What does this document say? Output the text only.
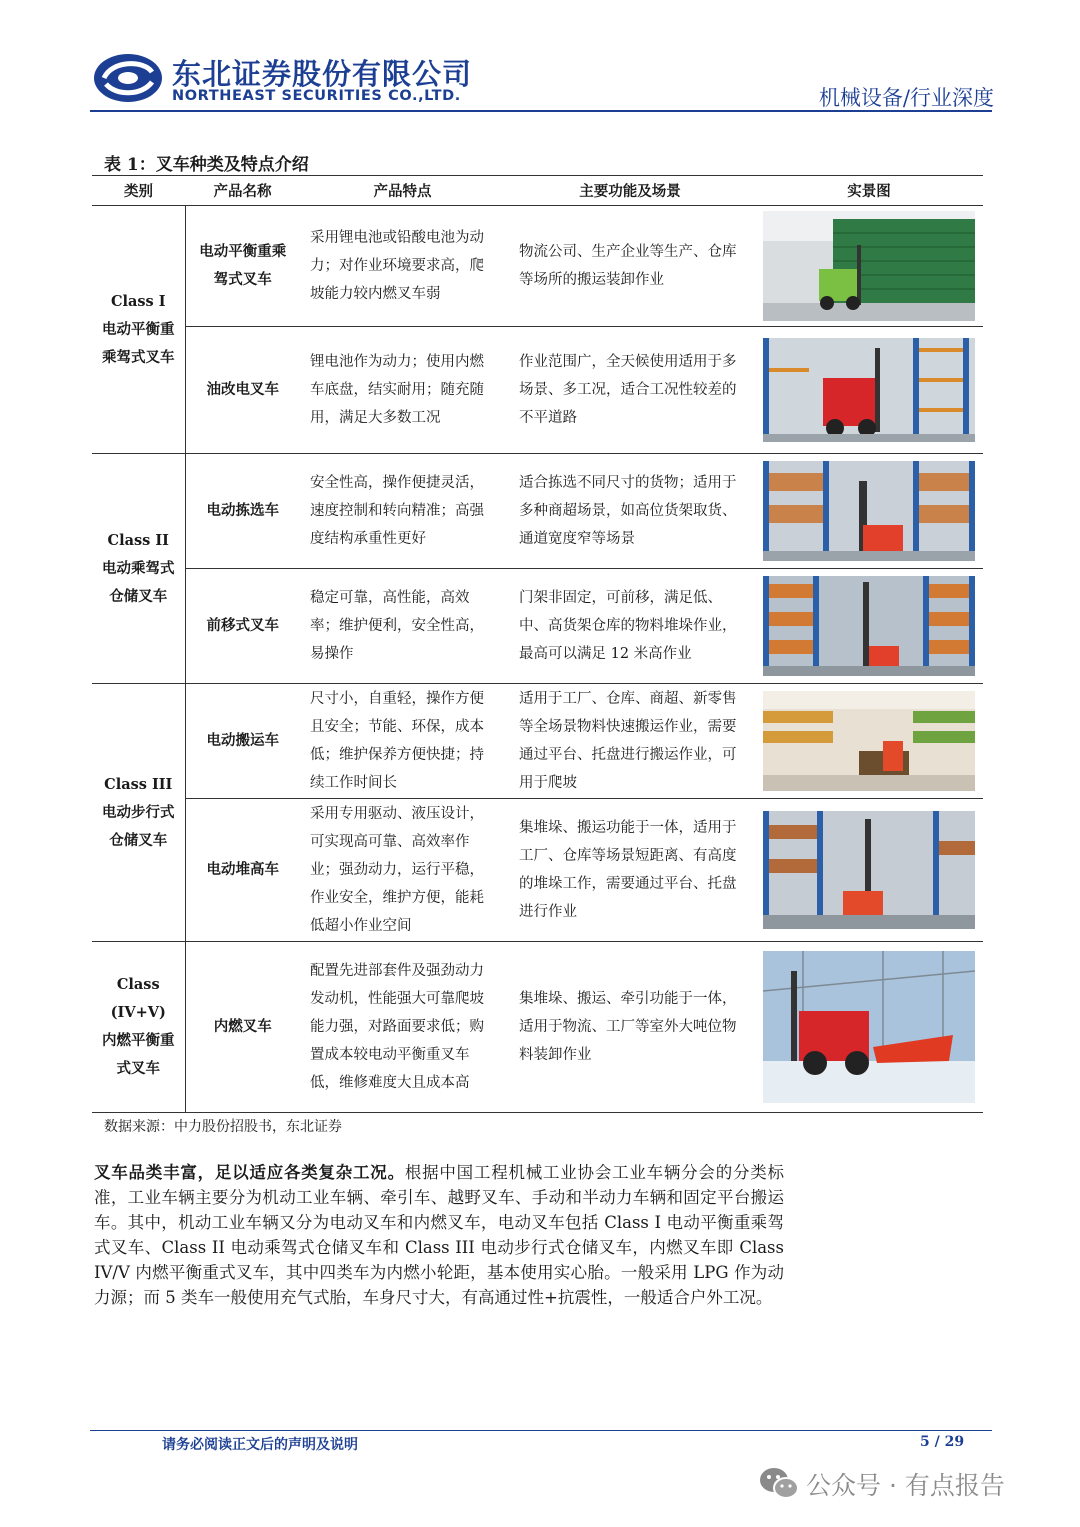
东北证券股份有限公司
NORTHEAST SECURITIES CO.,LTD.	机械设备/行业深度
表 1：叉车种类及特点介绍
类别	产品名称	产品特点	主要功能及场景	实景图

Class I
电动平衡重乘驾式叉车	电动平衡重乘驾式叉车	采用锂电池或铅酸电池为动力；对作业环境要求高，爬坡能力较内燃叉车弱	物流公司、生产企业等生产、仓库等场所的搬运装卸作业	

	油改电叉车	锂电池作为动力；使用内燃车底盘，结实耐用；随充随用，满足大多数工况	作业范围广，全天候使用适用于多场景、多工况，适合工况性较差的不平道路	

Class II
电动乘驾式仓储叉车	电动拣选车	安全性高，操作便捷灵活，速度控制和转向精准；高强度结构承重性更好	适合拣选不同尺寸的货物；适用于多种商超场景，如高位货架取货、通道宽度窄等场景	

	前移式叉车	稳定可靠，高性能，高效率；维护便利，安全性高，易操作	门架非固定，可前移，满足低、中、高货架仓库的物料堆垛作业，最高可以满足 12 米高作业	

Class III
电动步行式仓储叉车	电动搬运车	尺寸小，自重轻，操作方便且安全；节能、环保，成本低；维护保养方便快捷；持续工作时间长	适用于工厂、仓库、商超、新零售等全场景物料快速搬运作业，需要通过平台、托盘进行搬运作业，可用于爬坡	

	电动堆高车	采用专用驱动、液压设计，可实现高可靠、高效率作业；强劲动力，运行平稳，作业安全，维护方便，能耗低超小作业空间	集堆垛、搬运功能于一体，适用于工厂、仓库等场景短距离、有高度的堆垛工作，需要通过平台、托盘进行作业	

Class (IV+V)
内燃平衡重式叉车	内燃叉车	配置先进部套件及强劲动力发动机，性能强大可靠爬坡能力强，对路面要求低；购置成本较电动平衡重叉车低，维修难度大且成本高	集堆垛、搬运、牵引功能于一体，适用于物流、工厂等室外大吨位物料装卸作业	
数据来源：中力股份招股书，东北证券
叉车品类丰富，足以适应各类复杂工况。根据中国工程机械工业协会工业车辆分会的分类标准，工业车辆主要分为机动工业车辆、牵引车、越野叉车、手动和半动力车辆和固定平台搬运车。其中，机动工业车辆又分为电动叉车和内燃叉车，电动叉车包括 Class I 电动平衡重乘驾式叉车、Class II 电动乘驾式仓储叉车和 Class III 电动步行式仓储叉车，内燃叉车即 Class IV/V 内燃平衡重式叉车，其中四类车为内燃小轮距，基本使用实心胎。一般采用 LPG 作为动力源；而 5 类车一般使用充气式胎，车身尺寸大，有高通过性+抗震性，一般适合户外工况。
请务必阅读正文后的声明及说明	5 / 29
公众号 · 有点报告
